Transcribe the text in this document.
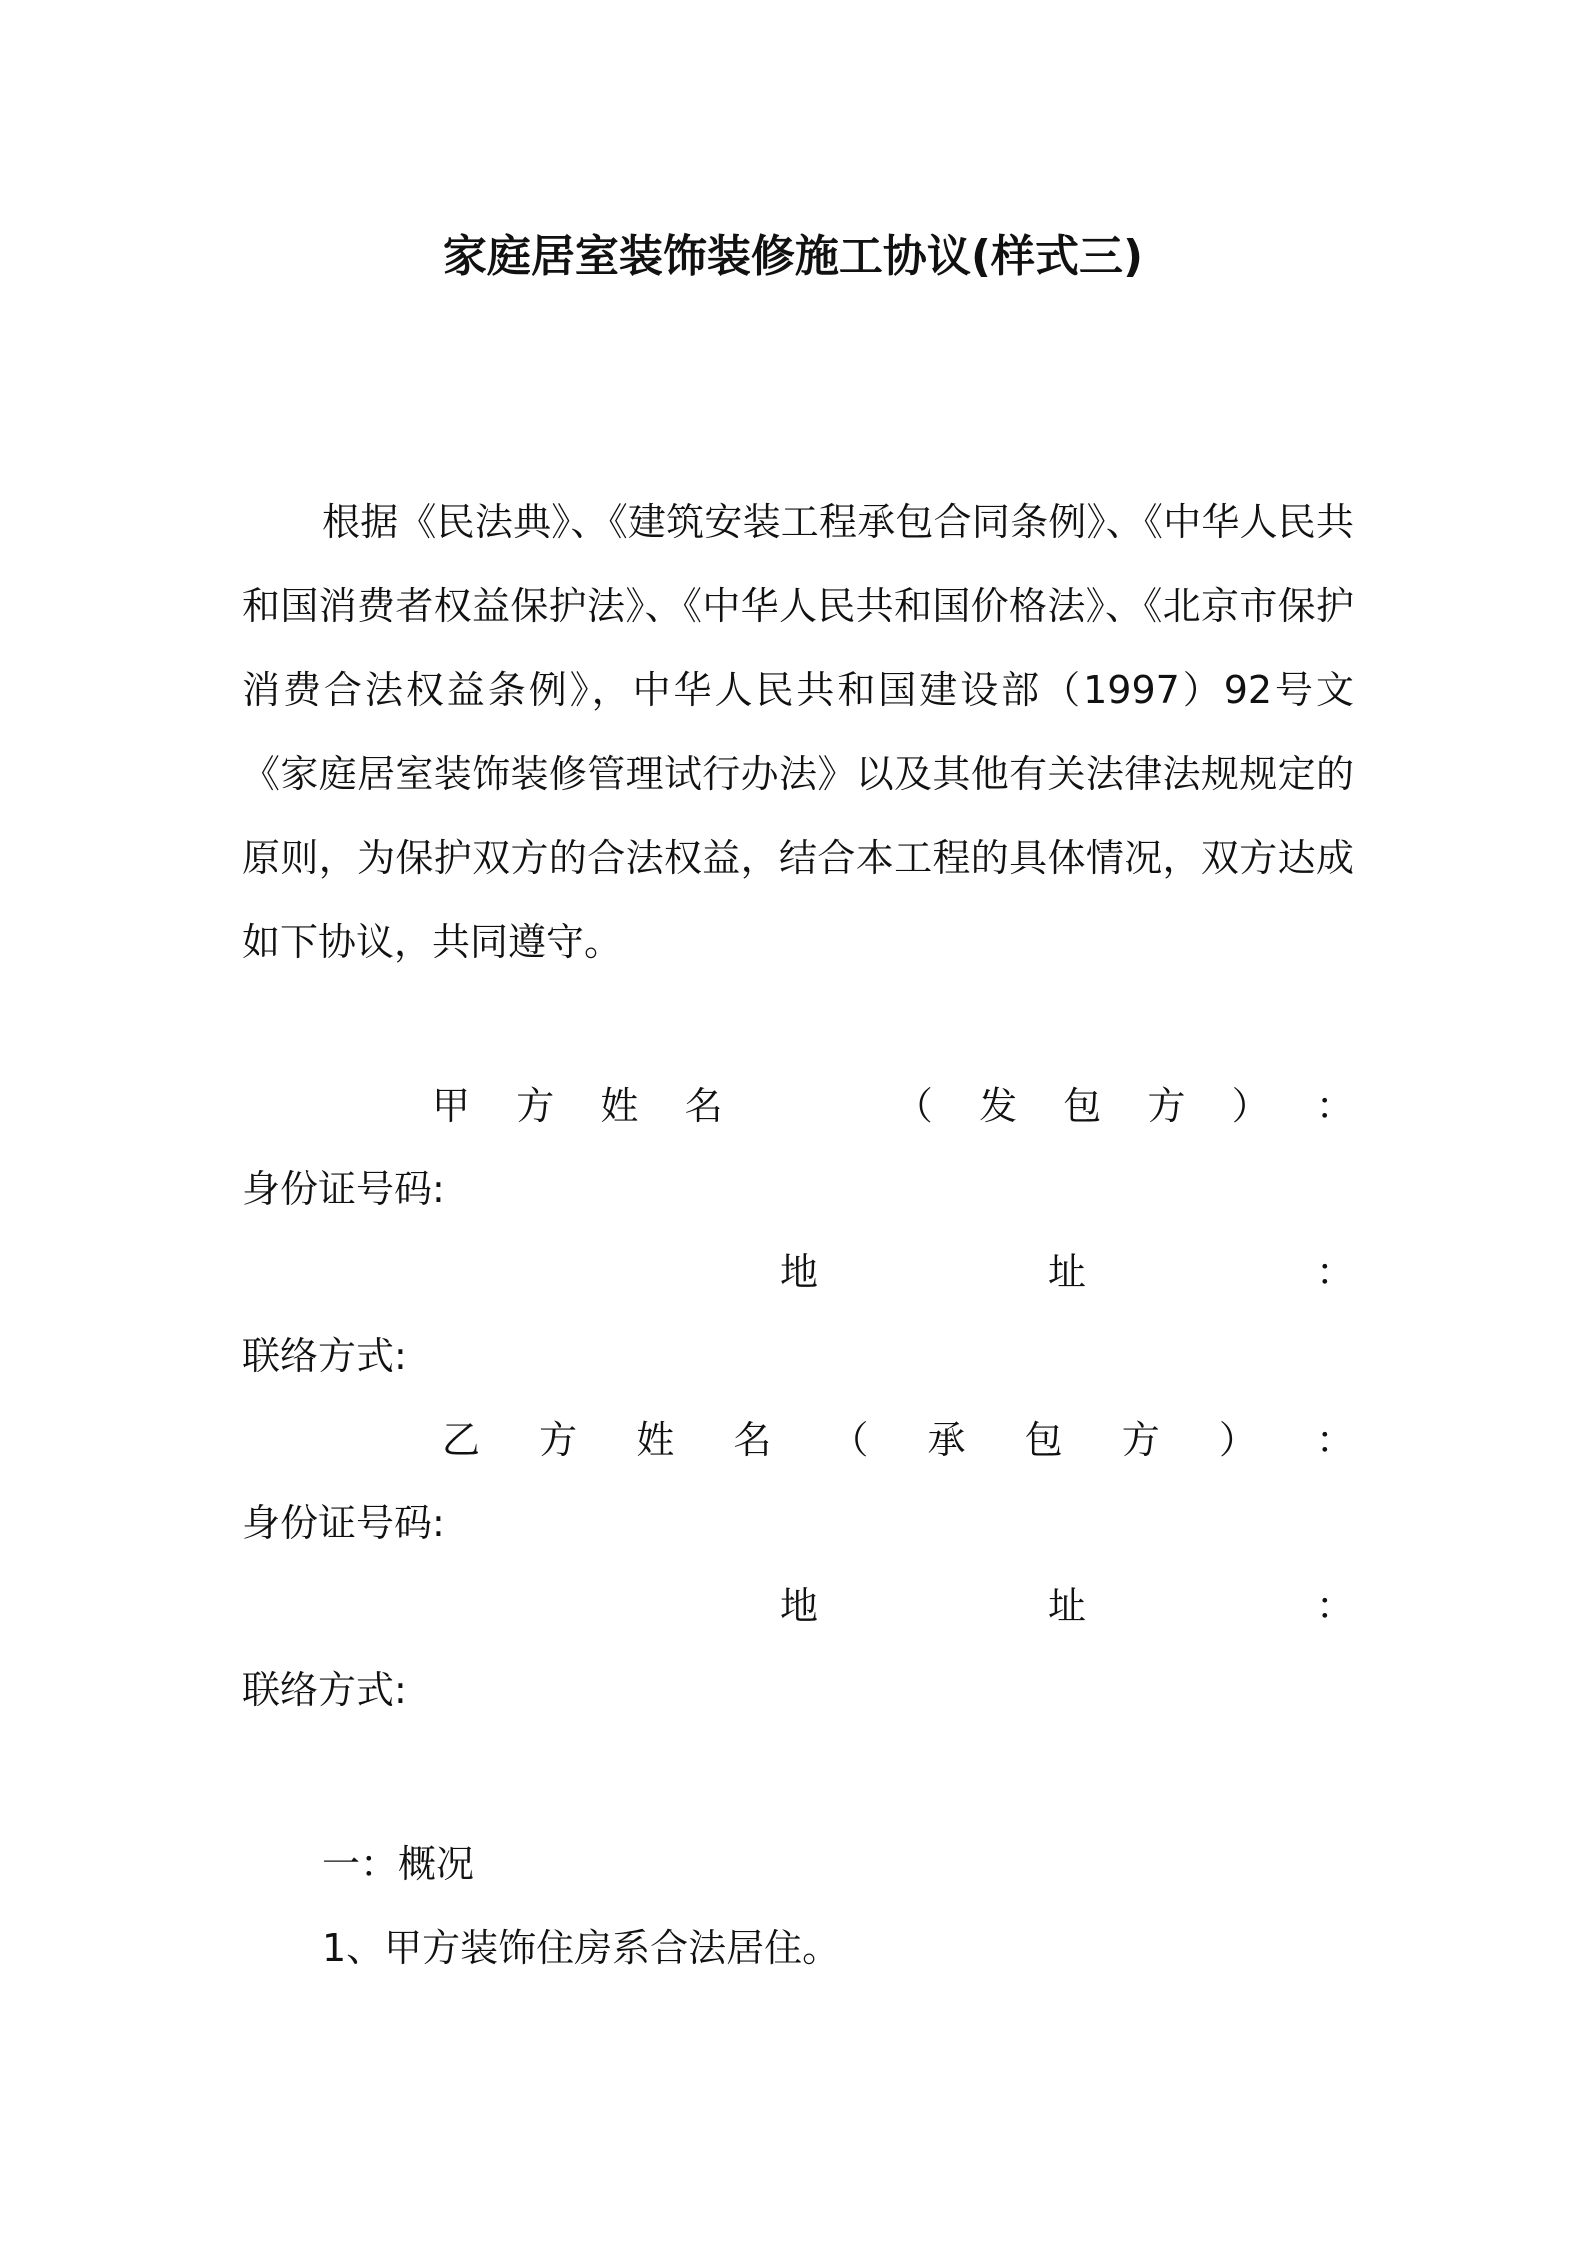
家庭居室装饰装修施工协议(样式三)
根据《民法典》、《建筑安装工程承包合同条例》、《中华人民共和国消费者权益保护法》、《中华人民共和国价格法》、《北京市保护消费合法权益条例》，中华人民共和国建设部（1997）92号文《家庭居室装饰装修管理试行办法》以及其他有关法律法规规定的原则，为保护双方的合法权益，结合本工程的具体情况，双方达成如下协议，共同遵守。
甲 方 姓 名	（ 发 包 方 ） ：
身份证号码:
地	址	：
联络方式:
乙 方 姓 名 （ 承 包 方 ） ：
身份证号码:
地	址	：
联络方式:
一：概况
1、甲方装饰住房系合法居住。
